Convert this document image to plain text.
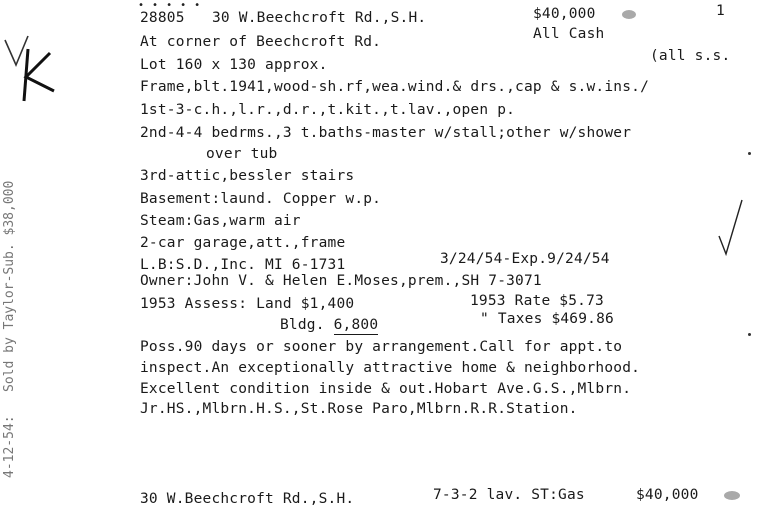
4-12-54:
Sold by Taylor-Sub. $38,000
• • • • •
28805 30 W.Beechcroft Rd.,S.H.	$40,000	1
At corner of Beechcroft Rd.	All Cash
Lot 160 x 130 approx.
(all s.s.
Frame,blt.1941,wood-sh.rf,wea.wind.& drs.,cap & s.w.ins./
1st-3-c.h.,l.r.,d.r.,t.kit.,t.lav.,open p.
2nd-4-4 bedrms.,3 t.baths-master w/stall;other w/shower
over tub
3rd-attic,bessler stairs
Basement:laund. Copper w.p.
Steam:Gas,warm air
2-car garage,att.,frame
L.B:S.D.,Inc. MI 6-1731	3/24/54-Exp.9/24/54
Owner:John V. & Helen E.Moses,prem.,SH 7-3071
1953 Assess: Land $1,400	1953 Rate $5.73
Bldg. 6,800	" Taxes $469.86
Poss.90 days or sooner by arrangement.Call for appt.to
inspect.An exceptionally attractive home & neighborhood.
Excellent condition inside & out.Hobart Ave.G.S.,Mlbrn.
Jr.HS.,Mlbrn.H.S.,St.Rose Paro,Mlbrn.R.R.Station.
30 W.Beechcroft Rd.,S.H.	7-3-2 lav. ST:Gas	$40,000
